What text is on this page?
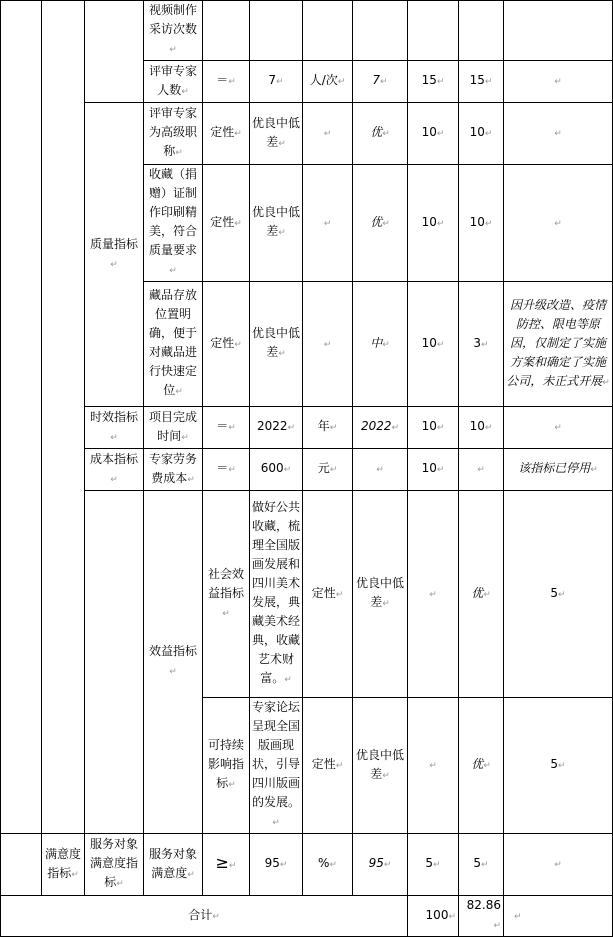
			视频制作采访次数↵								
			评审专家人数↵	＝↵	7↵	人/次↵	7↵	15↵	15↵	↵	
		质量指标↵	评审专家为高级职称↵	定性↵	优良中低差↵	↵	优↵	10↵	10↵	↵	
			收藏（捐赠）证制作印刷精美，符合质量要求↵	定性↵	优良中低差↵	↵	优↵	10↵	10↵	↵	
			藏品存放位置明确，便于对藏品进行快速定位↵	定性↵	优良中低差↵	↵	中↵	10↵	3↵	因升级改造、疫情防控、限电等原因，仅制定了实施方案和确定了实施公司，未正式开展↵	
		时效指标↵	项目完成时间↵	＝↵	2022↵	年↵	2022↵	10↵	10↵	↵	
		成本指标↵	专家劳务费成本↵	＝↵	600↵	元↵	↵	10↵	↵	该指标已停用↵	
			效益指标↵	社会效益指标↵	做好公共收藏，梳理全国版画发展和四川美术发展，典藏美术经典，收藏艺术财富。↵	定性↵	优良中低差↵	↵	优↵	5↵		
				可持续影响指标↵	专家论坛呈现全国版画现状，引导四川版画的发展。↵	定性↵	优良中低差↵	↵	优↵	5↵		
	满意度指标↵	服务对象满意度指标↵	服务对象满意度↵	≥↵	95↵	%↵	95↵	5↵	5↵	↵	
合计↵								100↵	82.86↵	↵	
